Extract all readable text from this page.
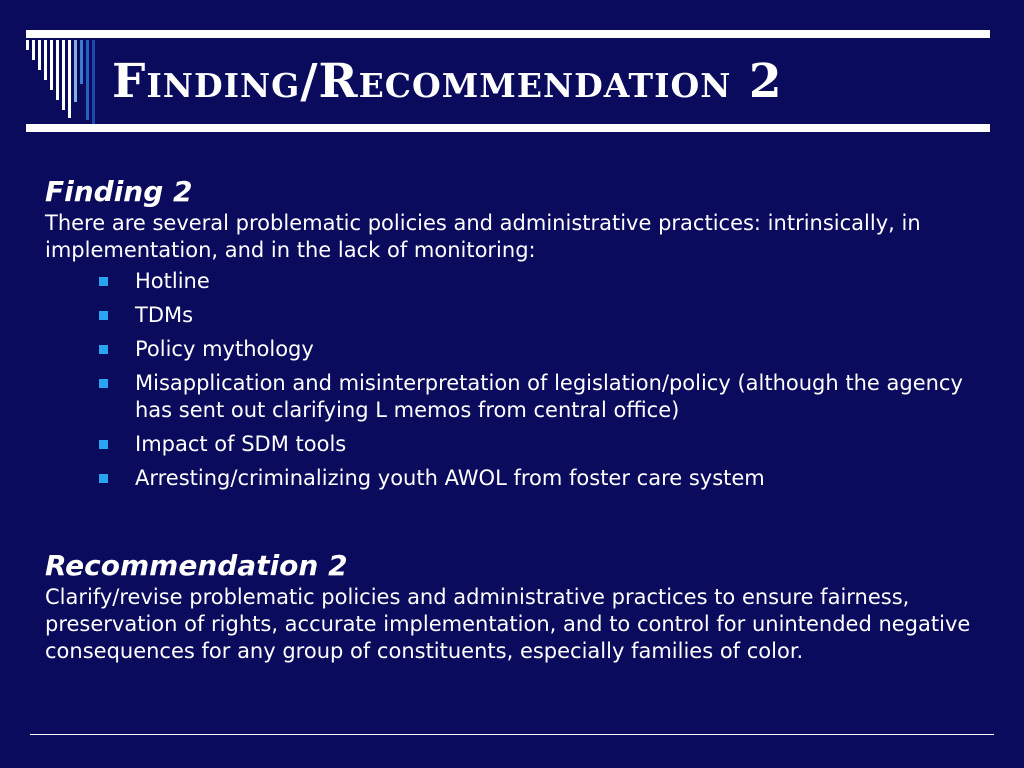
Finding/Recommendation 2
Finding 2

There are several problematic policies and administrative practices: intrinsically, in implementation, and in the lack of monitoring:

Hotline
TDMs
Policy mythology
Misapplication and misinterpretation of legislation/policy (although the agency has sent out clarifying L memos from central office)
Impact of SDM tools
Arresting/criminalizing youth AWOL from foster care system
Recommendation 2

Clarify/revise problematic policies and administrative practices to ensure fairness, preservation of rights, accurate implementation, and to control for unintended negative consequences for any group of constituents, especially families of color.
